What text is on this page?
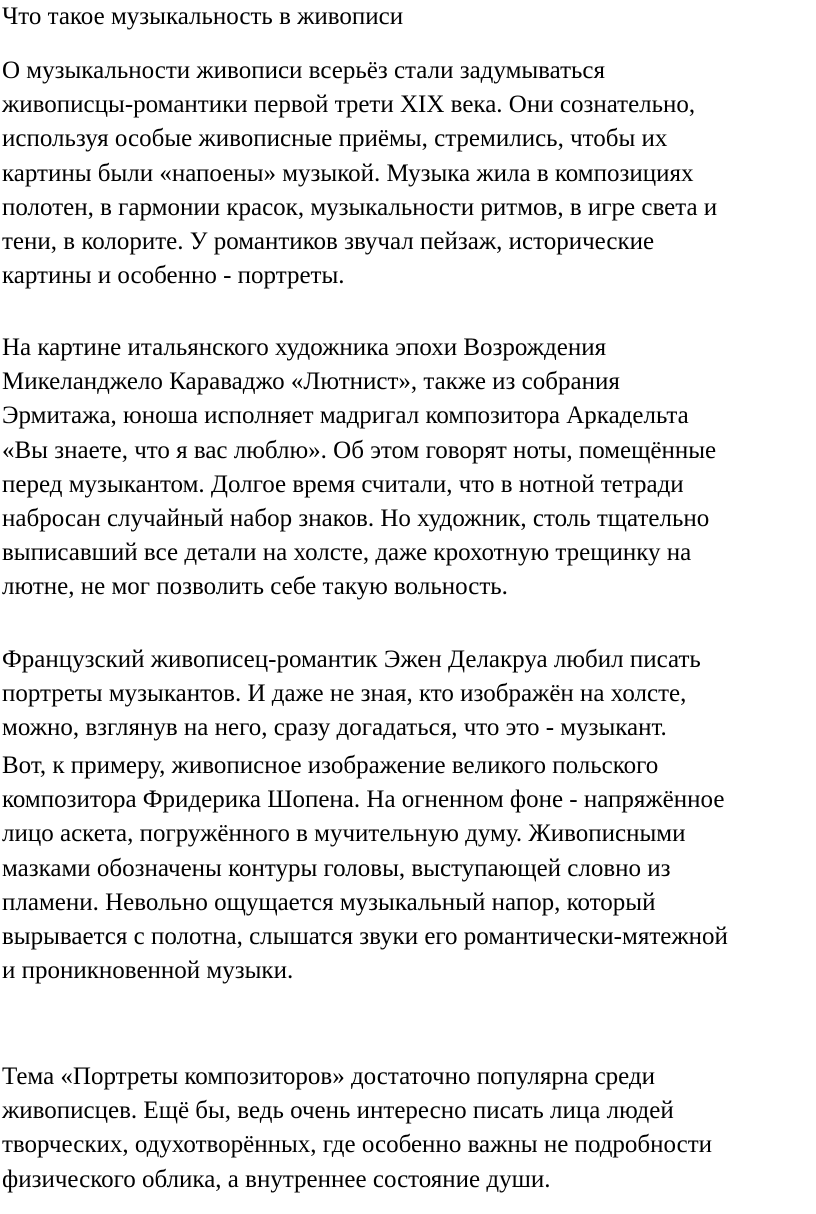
Что такое музыкальность в живописи

О музыкальности живописи всерьёз стали задумываться
живописцы-романтики первой трети XIX века. Они сознательно,
используя особые живописные приёмы, стремились, чтобы их
картины были «напоены» музыкой. Музыка жила в композициях
полотен, в гармонии красок, музыкальности ритмов, в игре света и
тени, в колорите. У романтиков звучал пейзаж, исторические
картины и особенно - портреты.

На картине итальянского художника эпохи Возрождения
Микеланджело Караваджо «Лютнист», также из собрания
Эрмитажа, юноша исполняет мадригал композитора Аркадельта
«Вы знаете, что я вас люблю». Об этом говорят ноты, помещённые
перед музыкантом. Долгое время считали, что в нотной тетради
набросан случайный набор знаков. Но художник, столь тщательно
выписавший все детали на холсте, даже крохотную трещинку на
лютне, не мог позволить себе такую вольность.

Французский живописец-романтик Эжен Делакруа любил писать
портреты музыкантов. И даже не зная, кто изображён на холсте,
можно, взглянув на него, сразу догадаться, что это - музыкант.

Вот, к примеру, живописное изображение великого польского
композитора Фридерика Шопена. На огненном фоне - напряжённое
лицо аскета, погружённого в мучительную думу. Живописными
мазками обозначены контуры головы, выступающей словно из
пламени. Невольно ощущается музыкальный напор, который
вырывается с полотна, слышатся звуки его романтически-мятежной
и проникновенной музыки.

Тема «Портреты композиторов» достаточно популярна среди
живописцев. Ещё бы, ведь очень интересно писать лица людей
творческих, одухотворённых, где особенно важны не подробности
физического облика, а внутреннее состояние души.
